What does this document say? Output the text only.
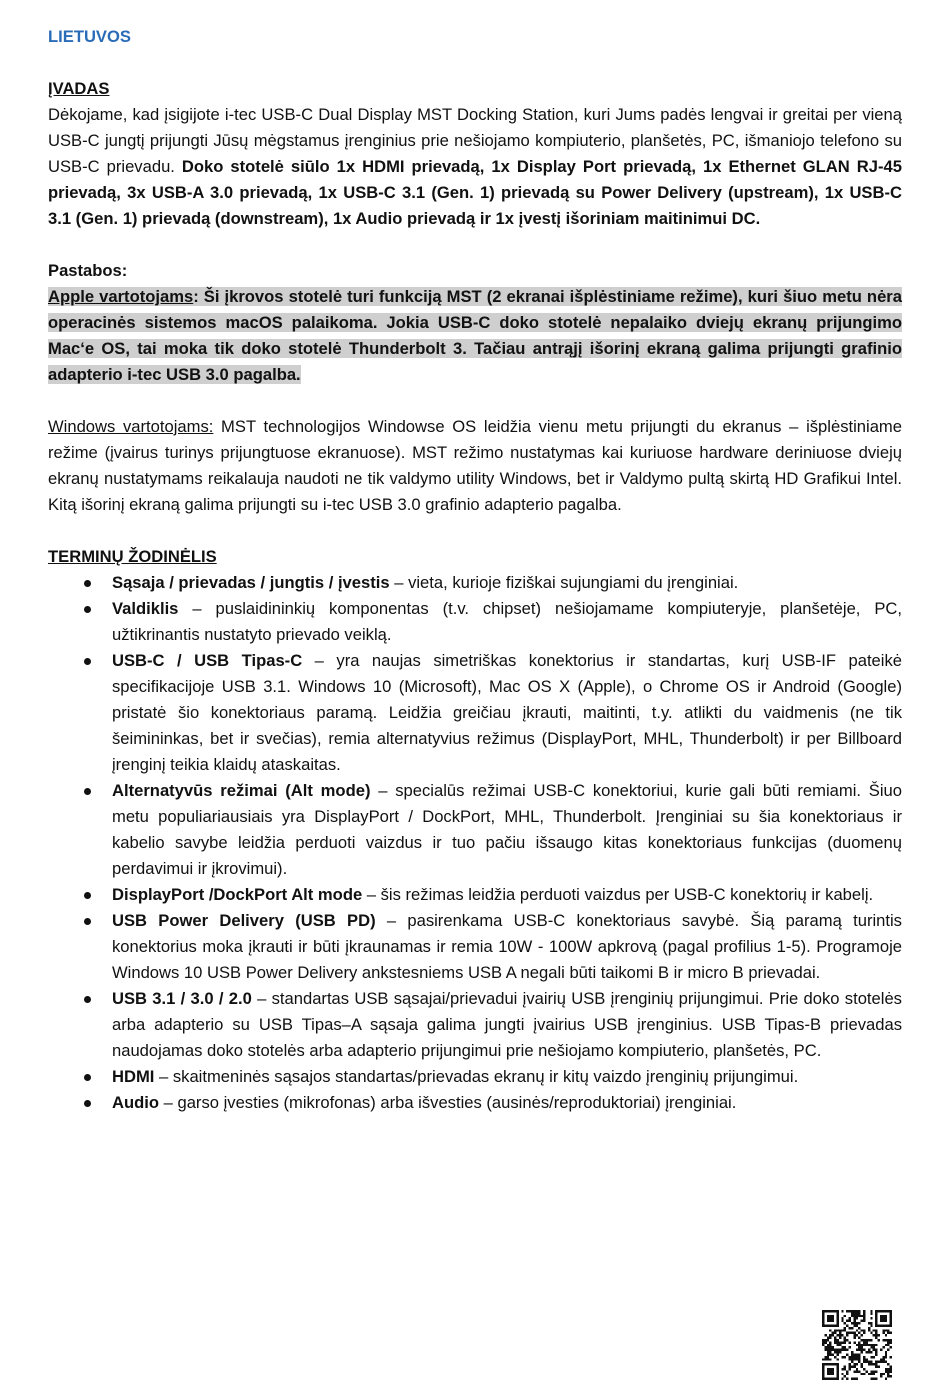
LIETUVOS
ĮVADAS

Dėkojame, kad įsigijote i-tec USB-C Dual Display MST Docking Station, kuri Jums padės lengvai ir greitai per vieną USB-C jungtį prijungti Jūsų mėgstamus įrenginius prie nešiojamo kompiuterio, planšetės, PC, išmaniojo telefono su USB-C prievadu. Doko stotelė siūlo 1x HDMI prievadą, 1x Display Port prievadą, 1x Ethernet GLAN RJ-45 prievadą, 3x USB-A 3.0 prievadą, 1x USB-C 3.1 (Gen. 1) prievadą su Power Delivery (upstream), 1x USB-C 3.1 (Gen. 1) prievadą (downstream), 1x Audio prievadą ir 1x įvestį išoriniam maitinimui DC.

Pastabos:

Apple vartotojams: Ši įkrovos stotelė turi funkciją MST (2 ekranai išplėstiniame režime), kuri šiuo metu nėra operacinės sistemos macOS palaikoma. Jokia USB-C doko stotelė nepalaiko dviejų ekranų prijungimo Mac‘e OS, tai moka tik doko stotelė Thunderbolt 3. Tačiau antrąjį išorinį ekraną galima prijungti grafinio adapterio i-tec USB 3.0 pagalba.

Windows vartotojams: MST technologijos Windowse OS leidžia vienu metu prijungti du ekranus – išplėstiniame režime (įvairus turinys prijungtuose ekranuose). MST režimo nustatymas kai kuriuose hardware deriniuose dviejų ekranų nustatymams reikalauja naudoti ne tik valdymo utility Windows, bet ir Valdymo pultą skirtą HD Grafikui Intel. Kitą išorinį ekraną galima prijungti su i-tec USB 3.0 grafinio adapterio pagalba.

TERMINŲ ŽODINĖLIS
Sąsaja / prievadas / jungtis / įvestis – vieta, kurioje fiziškai sujungiami du įrenginiai.
Valdiklis – puslaidininkių komponentas (t.v. chipset) nešiojamame kompiuteryje, planšetėje, PC, užtikrinantis nustatyto prievado veiklą.
USB-C / USB Tipas-C – yra naujas simetriškas konektorius ir standartas, kurį USB-IF pateikė specifikacijoje USB 3.1. Windows 10 (Microsoft), Mac OS X (Apple), o Chrome OS ir Android (Google) pristatė šio konektoriaus paramą. Leidžia greičiau įkrauti, maitinti, t.y. atlikti du vaidmenis (ne tik šeimininkas, bet ir svečias), remia alternatyvius režimus (DisplayPort, MHL, Thunderbolt) ir per Billboard įrenginį teikia klaidų ataskaitas.
Alternatyvūs režimai (Alt mode) – specialūs režimai USB-C konektoriui, kurie gali būti remiami. Šiuo metu populiariausiais yra DisplayPort / DockPort, MHL, Thunderbolt. Įrenginiai su šia konektoriaus ir kabelio savybe leidžia perduoti vaizdus ir tuo pačiu išsaugo kitas konektoriaus funkcijas (duomenų perdavimui ir įkrovimui).
DisplayPort /DockPort Alt mode – šis režimas leidžia perduoti vaizdus per USB-C konektorių ir kabelį.
USB Power Delivery (USB PD) – pasirenkama USB-C konektoriaus savybė. Šią paramą turintis konektorius moka įkrauti ir būti įkraunamas ir remia 10W - 100W apkrovą (pagal profilius 1-5). Programoje Windows 10 USB Power Delivery ankstesniems USB A negali būti taikomi B ir micro B prievadai.
USB 3.1 / 3.0 / 2.0 – standartas USB sąsajai/prievadui įvairių USB įrenginių prijungimui. Prie doko stotelės arba adapterio su USB Tipas–A sąsaja galima jungti įvairius USB įrenginius. USB Tipas-B prievadas naudojamas doko stotelės arba adapterio prijungimui prie nešiojamo kompiuterio, planšetės, PC.
HDMI – skaitmeninės sąsajos standartas/prievadas ekranų ir kitų vaizdo įrenginių prijungimui.
Audio – garso įvesties (mikrofonas) arba išvesties (ausinės/reproduktoriai) įrenginiai.
